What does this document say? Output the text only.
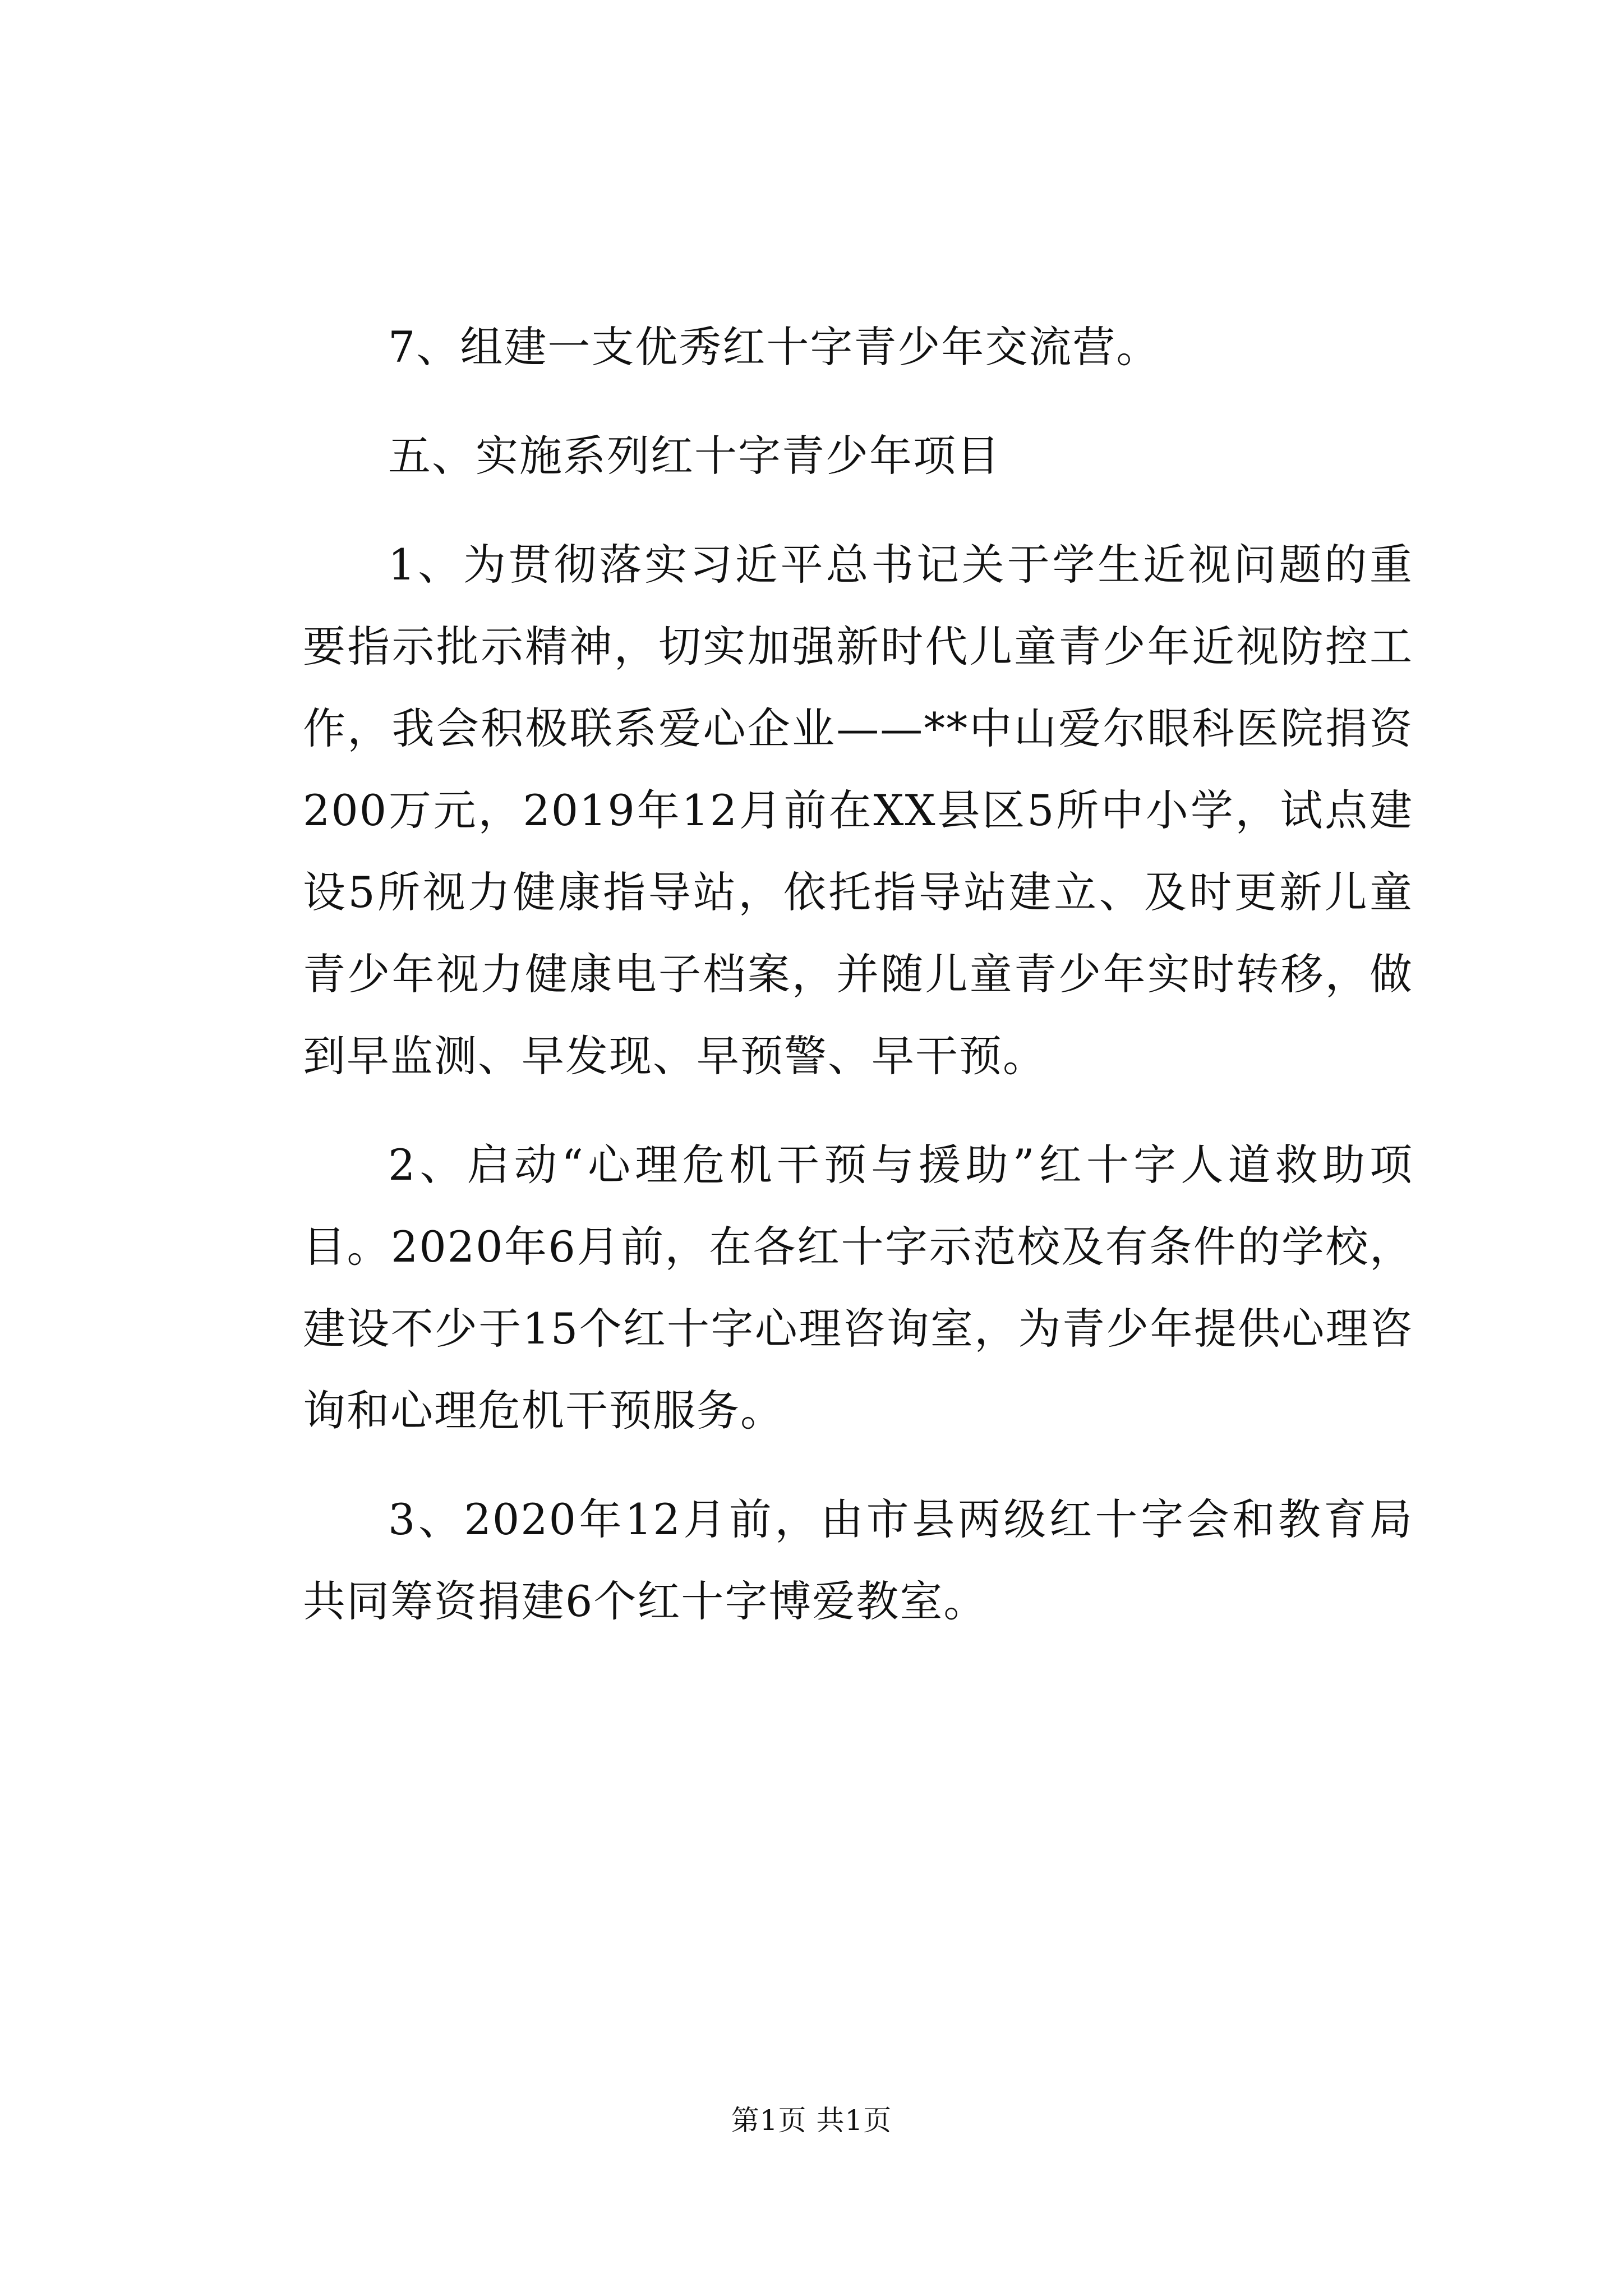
7、组建一支优秀红十字青少年交流营。

五、实施系列红十字青少年项目

1、为贯彻落实习近平总书记关于学生近视问题的重要指示批示精神，切实加强新时代儿童青少年近视防控工作，我会积极联系爱心企业——**中山爱尔眼科医院捐资200万元，2019年12月前在XX县区5所中小学，试点建设5所视力健康指导站，依托指导站建立、及时更新儿童青少年视力健康电子档案，并随儿童青少年实时转移，做到早监测、早发现、早预警、早干预。

2、启动“心理危机干预与援助”红十字人道救助项目。2020年6月前，在各红十字示范校及有条件的学校，建设不少于15个红十字心理咨询室，为青少年提供心理咨询和心理危机干预服务。

3、2020年12月前，由市县两级红十字会和教育局共同筹资捐建6个红十字博爱教室。

第1页 共1页
